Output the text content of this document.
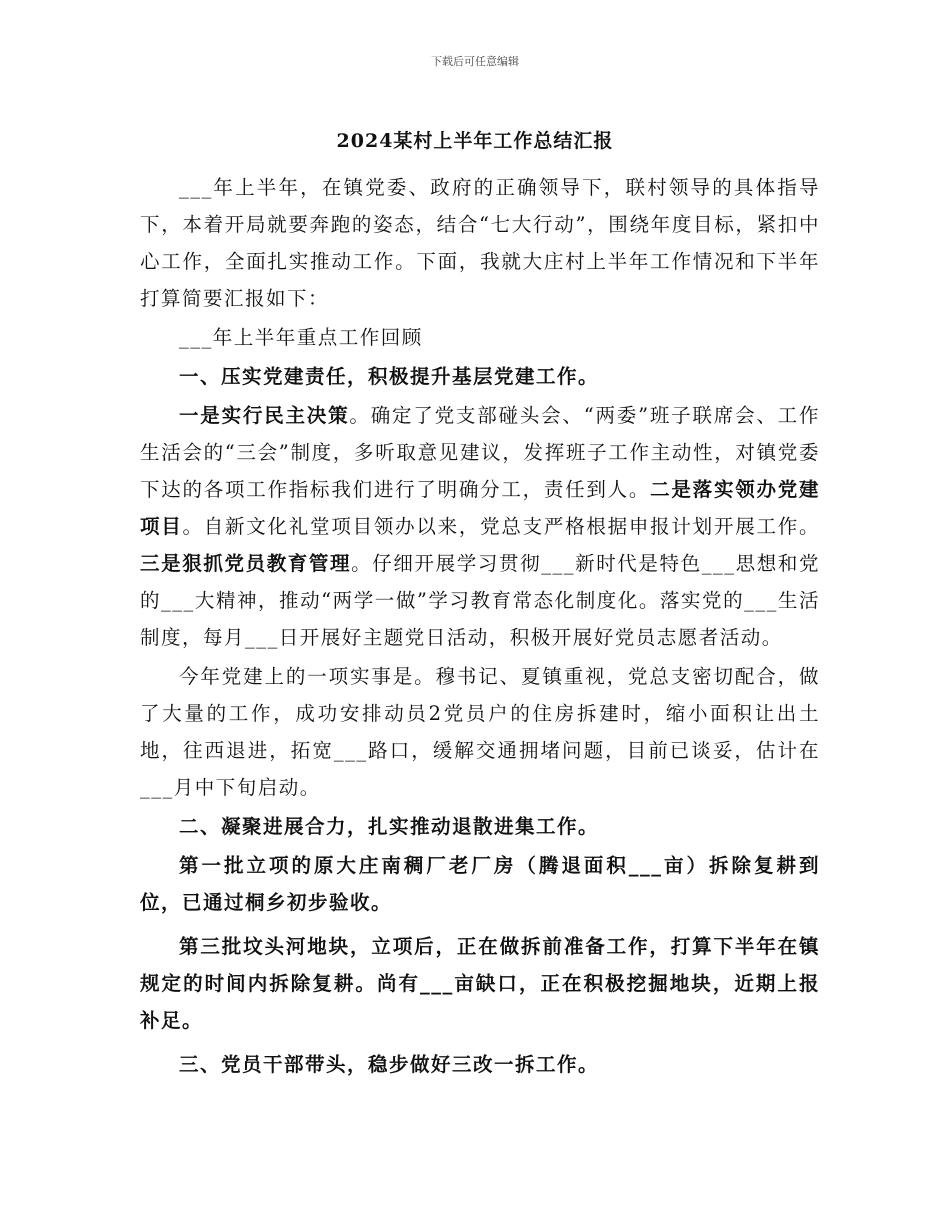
下载后可任意编辑
2024某村上半年工作总结汇报

___年上半年，在镇党委、政府的正确领导下，联村领导的具体指导下，本着开局就要奔跑的姿态，结合“七大行动”，围绕年度目标，紧扣中心工作，全面扎实推动工作。下面，我就大庄村上半年工作情况和下半年打算简要汇报如下：

___年上半年重点工作回顾

一、压实党建责任，积极提升基层党建工作。

一是实行民主决策。确定了党支部碰头会、“两委”班子联席会、工作生活会的“三会”制度，多听取意见建议，发挥班子工作主动性，对镇党委下达的各项工作指标我们进行了明确分工，责任到人。二是落实领办党建项目。自新文化礼堂项目领办以来，党总支严格根据申报计划开展工作。三是狠抓党员教育管理。仔细开展学习贯彻___新时代是特色___思想和党的___大精神，推动“两学一做”学习教育常态化制度化。落实党的___生活制度，每月___日开展好主题党日活动，积极开展好党员志愿者活动。

今年党建上的一项实事是。穆书记、夏镇重视，党总支密切配合，做了大量的工作，成功安排动员2党员户的住房拆建时，缩小面积让出土地，往西退进，拓宽___路口，缓解交通拥堵问题，目前已谈妥，估计在___月中下旬启动。

二、凝聚进展合力，扎实推动退散进集工作。

第一批立项的原大庄南稠厂老厂房（腾退面积___亩）拆除复耕到位，已通过桐乡初步验收。

第三批坟头河地块，立项后，正在做拆前准备工作，打算下半年在镇规定的时间内拆除复耕。尚有___亩缺口，正在积极挖掘地块，近期上报补足。

三、党员干部带头，稳步做好三改一拆工作。
